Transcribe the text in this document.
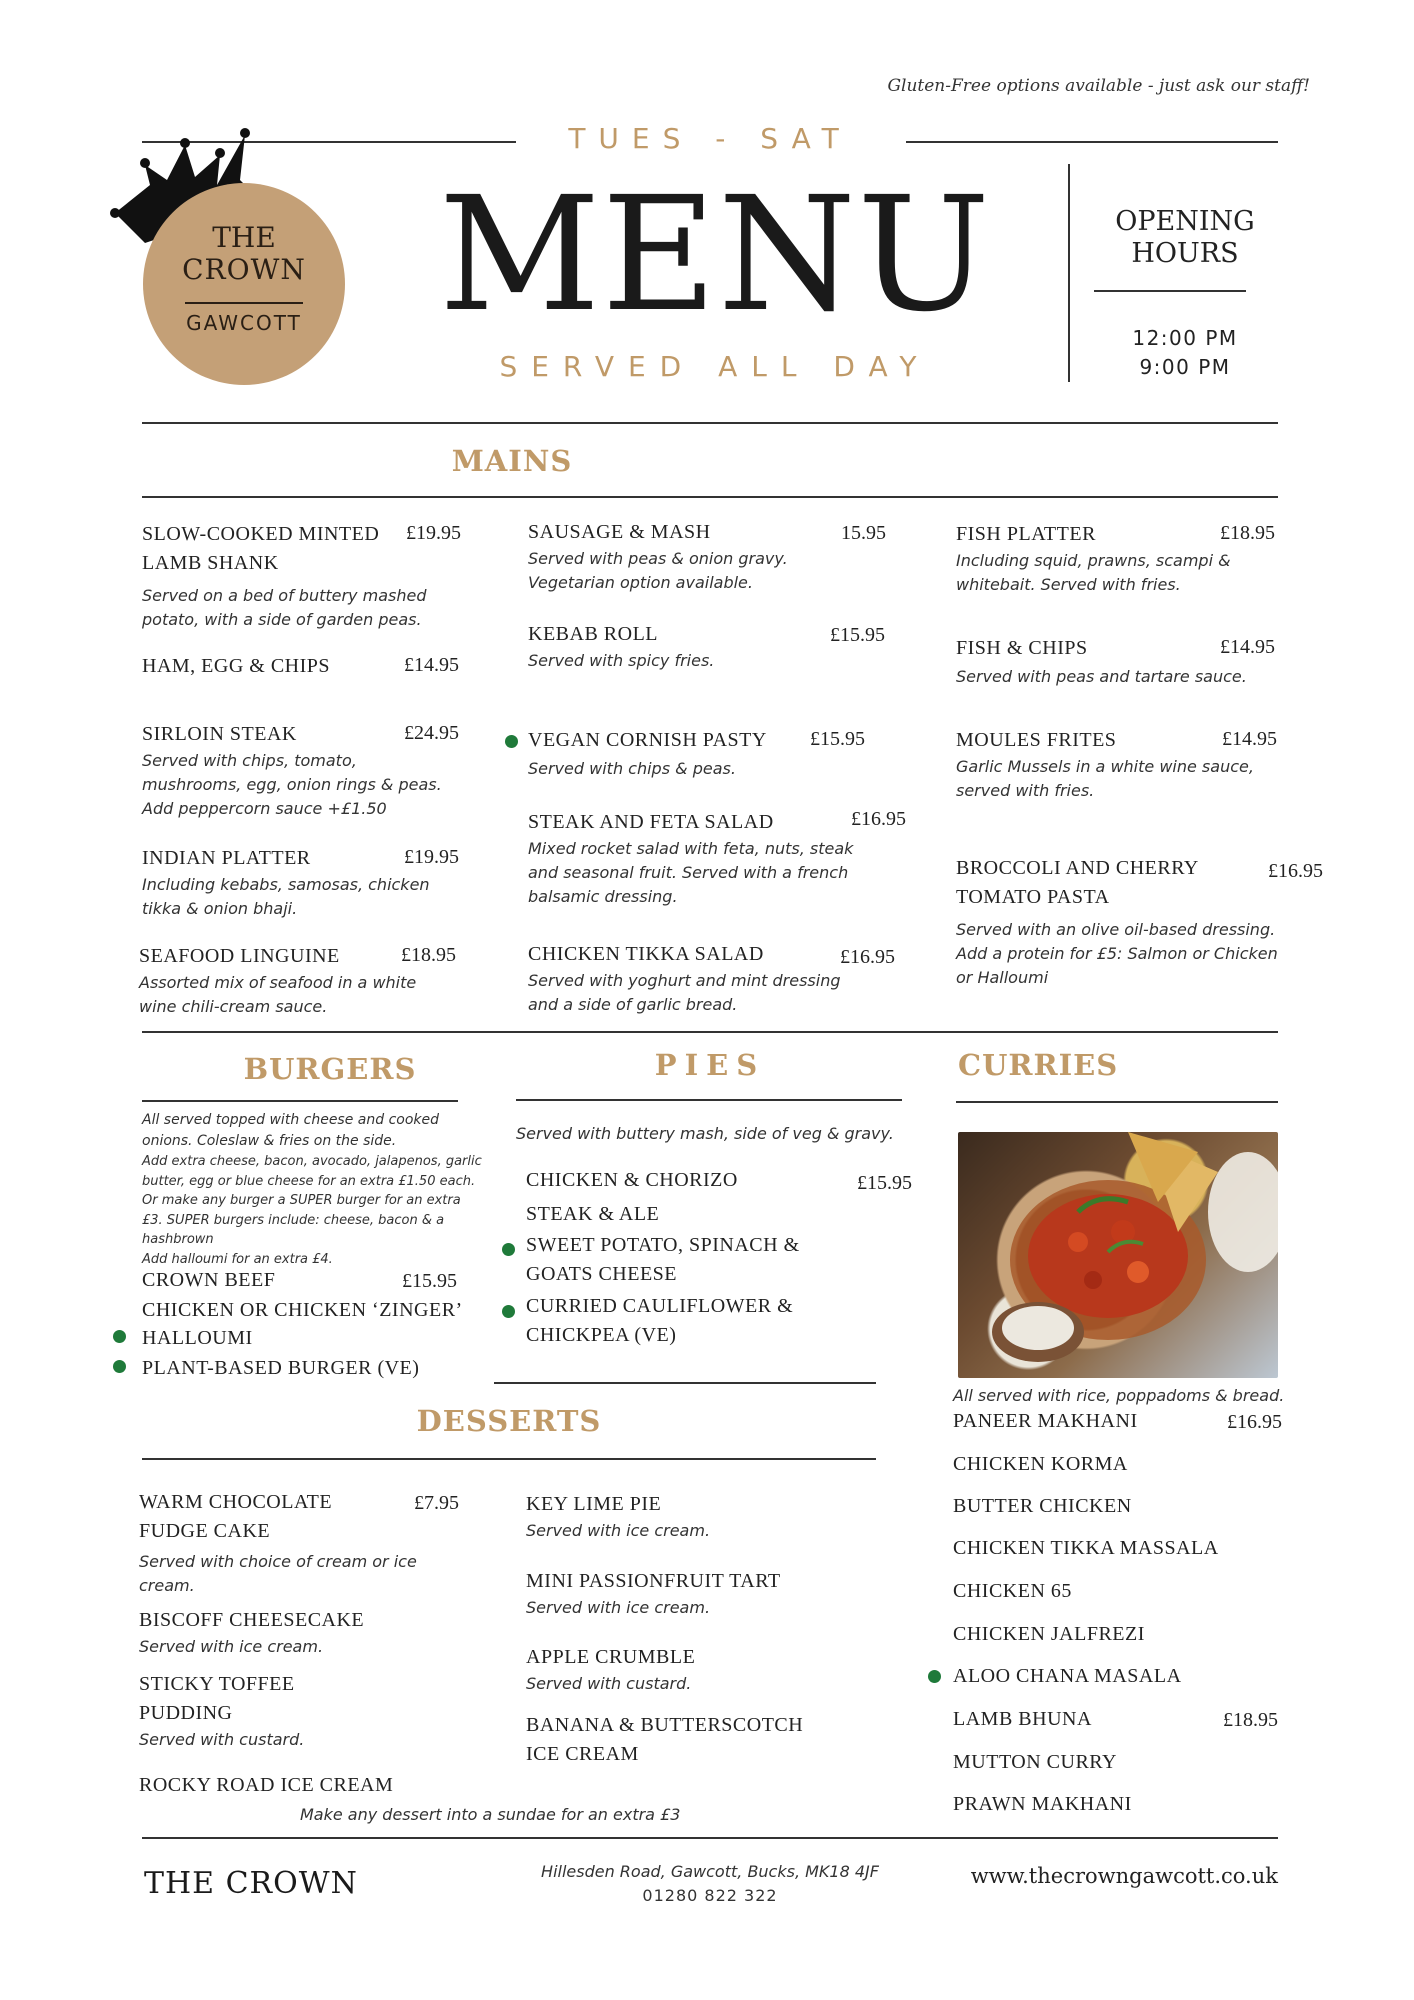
Gluten-Free options available - just ask our staff!
THE
CROWN
GAWCOTT
TUES - SAT
MENU
SERVED ALL DAY
OPENING
HOURS
12:00 PM
9:00 PM
MAINS
SLOW-COOKED MINTED LAMB SHANK
£19.95
Served on a bed of buttery mashed potato, with a side of garden peas.
HAM, EGG & CHIPS	£14.95
SIRLOIN STEAK	£24.95
Served with chips, tomato, mushrooms, egg, onion rings & peas. Add peppercorn sauce +£1.50
INDIAN PLATTER	£19.95
Including kebabs, samosas, chicken tikka & onion bhaji.
SEAFOOD LINGUINE	£18.95
Assorted mix of seafood in a white wine chili-cream sauce.
SAUSAGE & MASH	15.95
Served with peas & onion gravy. Vegetarian option available.
KEBAB ROLL	£15.95
Served with spicy fries.
VEGAN CORNISH PASTY	£15.95
Served with chips & peas.
STEAK AND FETA SALAD	£16.95
Mixed rocket salad with feta, nuts, steak and seasonal fruit. Served with a french balsamic dressing.
CHICKEN TIKKA SALAD	£16.95
Served with yoghurt and mint dressing and a side of garlic bread.
FISH PLATTER	£18.95
Including squid, prawns, scampi & whitebait. Served with fries.
FISH & CHIPS	£14.95
Served with peas and tartare sauce.
MOULES FRITES	£14.95
Garlic Mussels in a white wine sauce, served with fries.
BROCCOLI AND CHERRY TOMATO PASTA
£16.95
Served with an olive oil-based dressing. Add a protein for £5: Salmon or Chicken or Halloumi
BURGERS
All served topped with cheese and cooked onions. Coleslaw & fries on the side.
Add extra cheese, bacon, avocado, jalapenos, garlic butter, egg or blue cheese for an extra £1.50 each.
Or make any burger a SUPER burger for an extra £3. SUPER burgers include: cheese, bacon & a hashbrown
Add halloumi for an extra £4.
CROWN BEEF	£15.95
CHICKEN OR CHICKEN ‘ZINGER’
HALLOUMI
PLANT-BASED BURGER (VE)
PIES
Served with buttery mash, side of veg & gravy.
CHICKEN & CHORIZO	£15.95
STEAK & ALE
SWEET POTATO, SPINACH & GOATS CHEESE
CURRIED CAULIFLOWER & CHICKPEA (VE)
CURRIES
All served with rice, poppadoms & bread.
PANEER MAKHANI	£16.95
CHICKEN KORMA
BUTTER CHICKEN
CHICKEN TIKKA MASSALA
CHICKEN 65
CHICKEN JALFREZI
ALOO CHANA MASALA
LAMB BHUNA	£18.95
MUTTON CURRY
PRAWN MAKHANI
DESSERTS
WARM CHOCOLATE FUDGE CAKE
£7.95
Served with choice of cream or ice cream.
BISCOFF CHEESECAKE
Served with ice cream.
STICKY TOFFEE PUDDING
Served with custard.
ROCKY ROAD ICE CREAM
KEY LIME PIE
Served with ice cream.
MINI PASSIONFRUIT TART
Served with ice cream.
APPLE CRUMBLE
Served with custard.
BANANA & BUTTERSCOTCH ICE CREAM
Make any dessert into a sundae for an extra £3
THE CROWN	Hillesden Road, Gawcott, Bucks, MK18 4JF
01280 822 322
www.thecrowngawcott.co.uk
